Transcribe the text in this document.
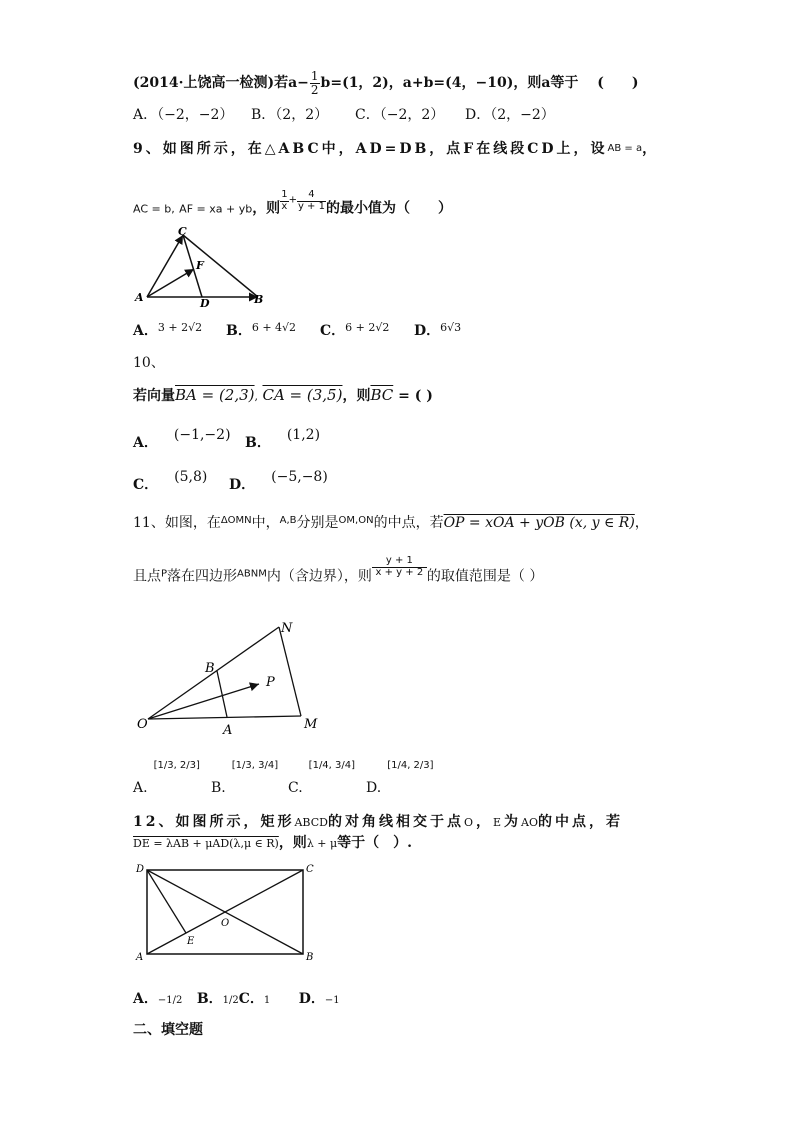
(2014·上饶高一检测)若$a- \frac{1}{2} b=(1$，2)，a+b=(4，−10)，则a等于 (　　)
A．（−2，−2） B．（2，2） C．（−2，2） D．（2，−2）
9、如图所示，在△ABC中，AD=DB，点F在线段CD上，设AB = a，
AC = b, AF = xa + yb，则 $\frac{1}{x} ^+ \frac{4}{y + 1}$ 的最小值为（　　）
C
F
A	D	B
A．$^{3 + 2√2}$ B．$^{6 + 4√2}$ C．$^{6 + 2√2}$ D．$^{6√3}$
10、
若向量BA = (2,3), CA = (3,5)，则$\overline{BC}$ = ( )
A． (−1,−2) B． (1,2)
C． (5,8) D． (−5,−8)
11、如图，在$^{\Delta OMN}$中，$^{A,B}$分别是$^{OM,ON}$的中点，若OP = xOA + yOB (x, y ∈ R)，
且点$^P$落在四边形$^{ABNM}$内（含边界），则 $\frac{y + 1}{x + y + 2}$ 的取值范围是（ ）
N
B
P
O	A	M
A.[1/3, 2/3]
B.[1/3, 3/4]
C.[1/4, 3/4]
D.[1/4, 2/3]
12、如图所示，矩形ABCD的对角线相交于点O，E为AO的中点，若
DE = λAB + μAD(λ,μ ∈ R)，则λ + μ等于（　）.
D	C
O
E
A	B
A．−1/2 B．1/2C．1 D．−1
二、填空题
